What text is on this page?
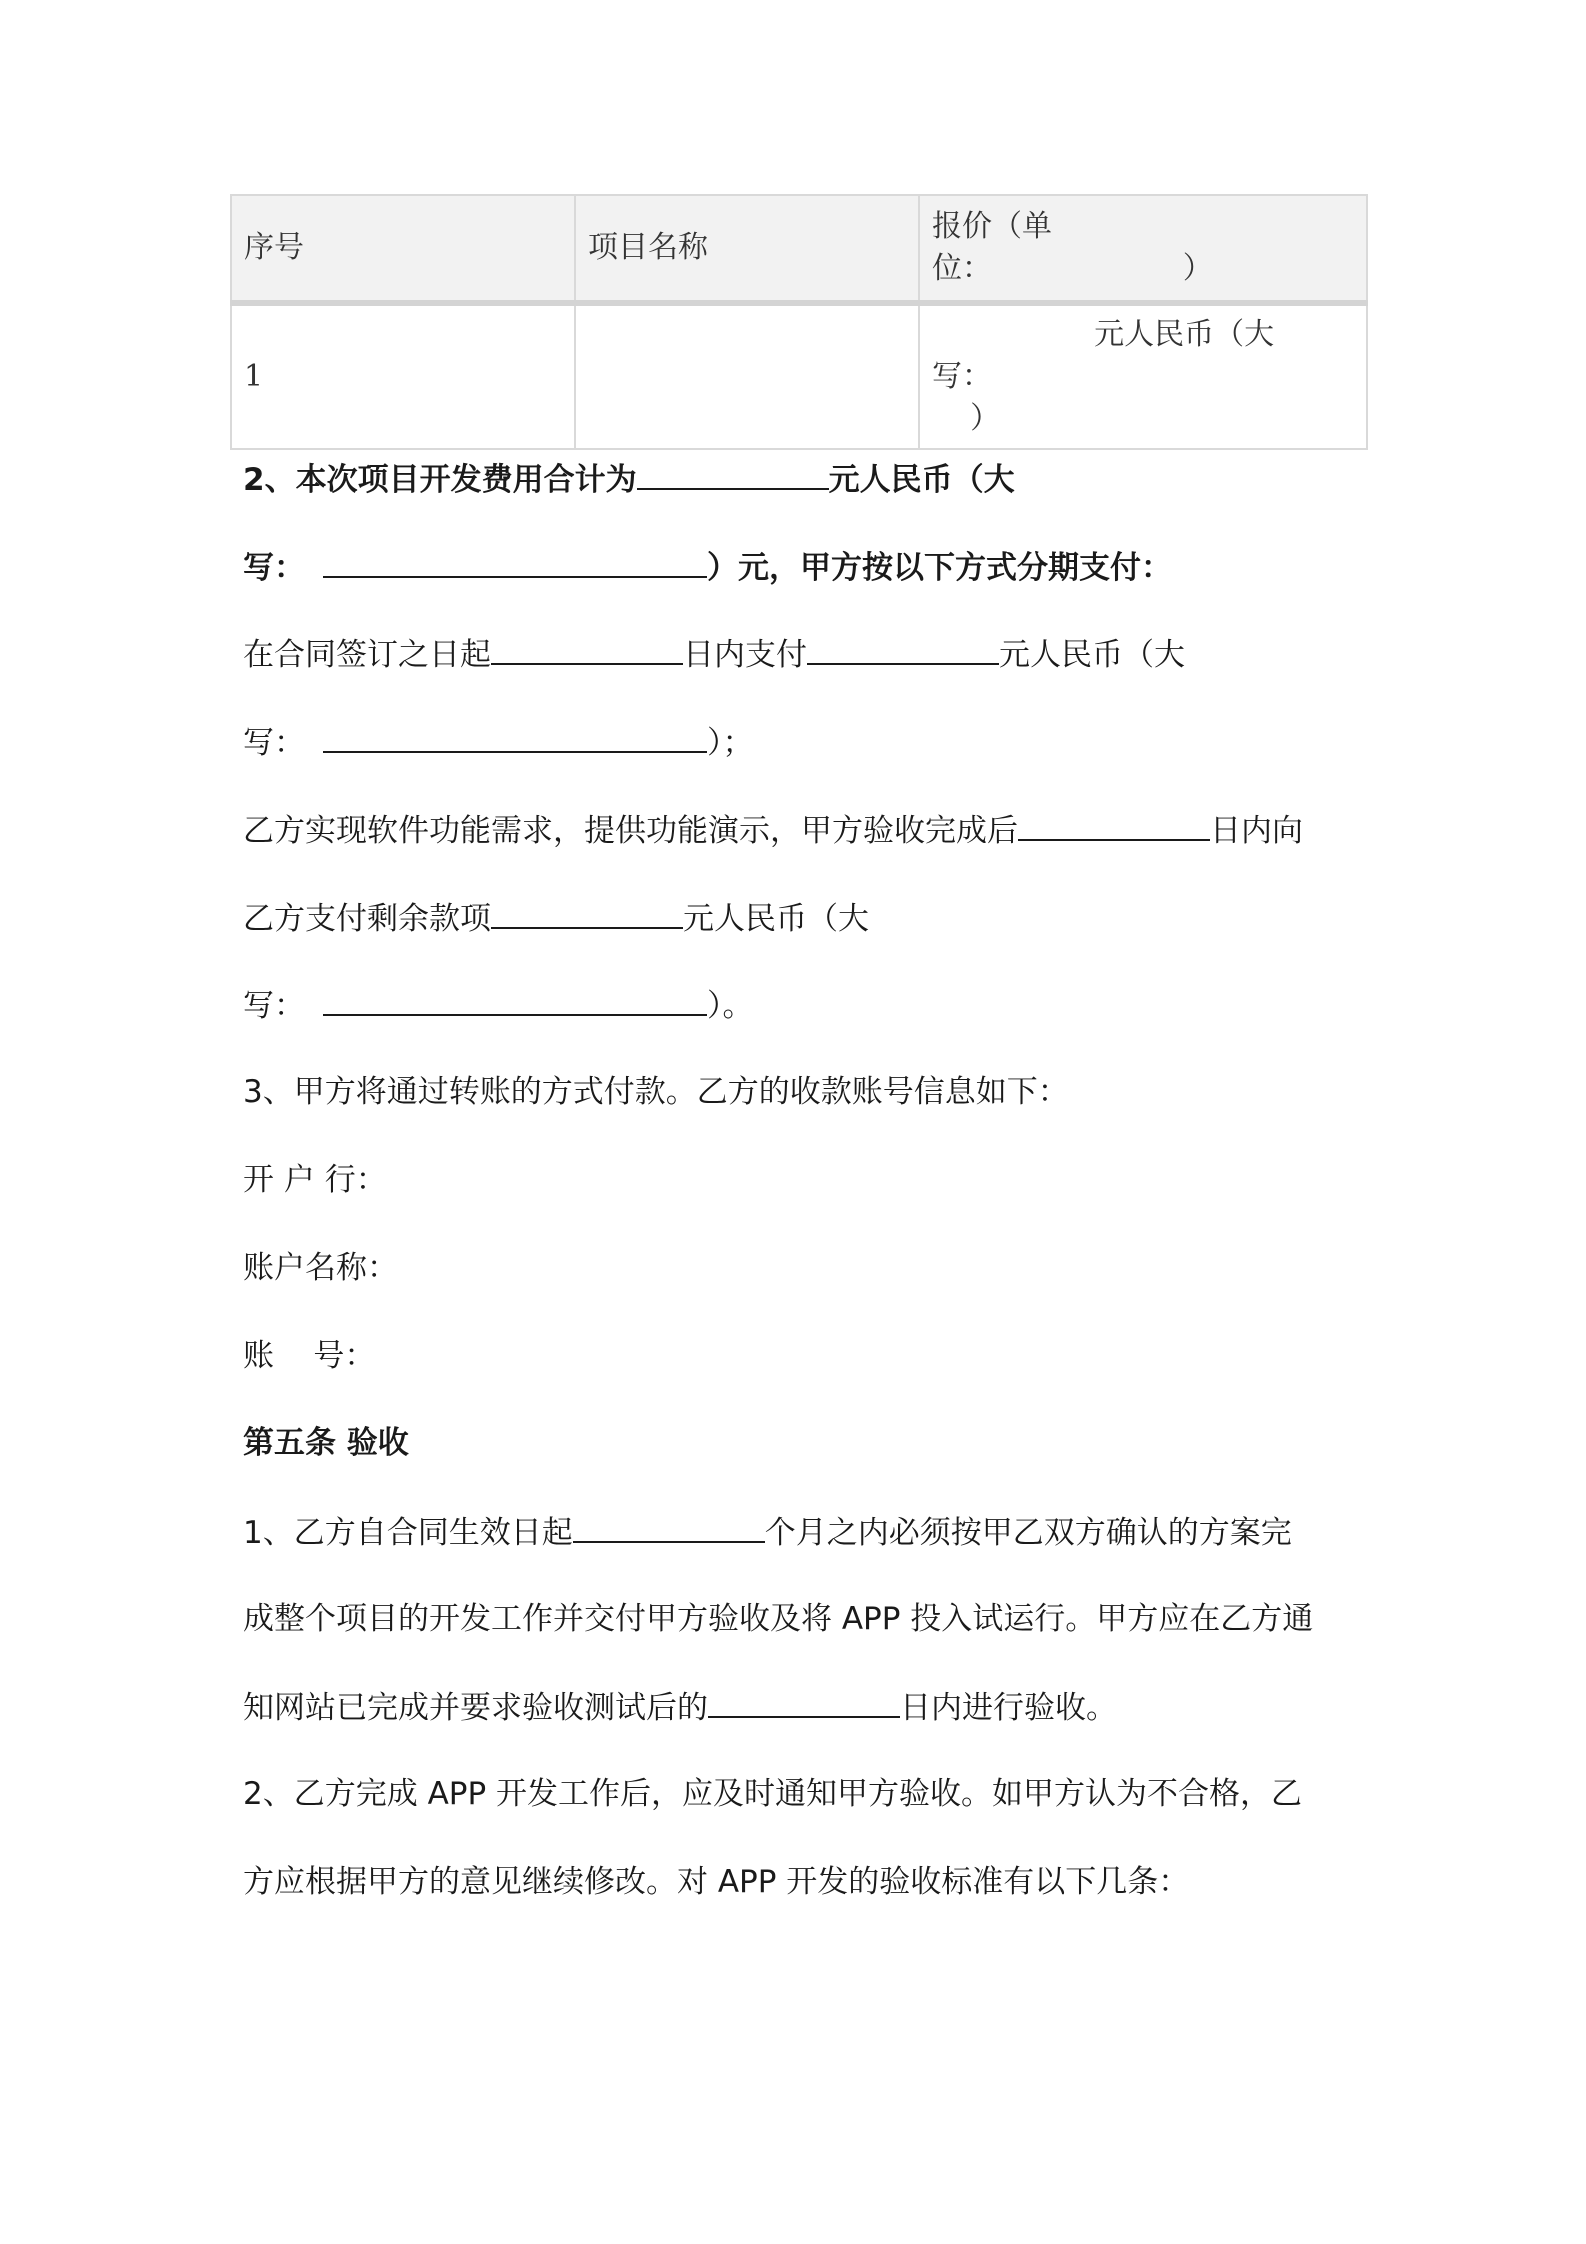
序号	项目名称	报价（单
位：                    ）

1		元人民币（大
写：
）
2、本次项目开发费用合计为	元人民币（大
写：	）元，甲方按以下方式分期支付：
在合同签订之日起	日内支付	元人民币（大
写：	）；
乙方实现软件功能需求，提供功能演示，甲方验收完成后	日内向
乙方支付剩余款项	元人民币（大
写：	）。
3、甲方将通过转账的方式付款。乙方的收款账号信息如下：
开 户 行：
账户名称：
账    号：
第五条 验收
1、乙方自合同生效日起	个月之内必须按甲乙双方确认的方案完
成整个项目的开发工作并交付甲方验收及将 APP 投入试运行。甲方应在乙方通
知网站已完成并要求验收测试后的	日内进行验收。
2、乙方完成 APP 开发工作后，应及时通知甲方验收。如甲方认为不合格，乙
方应根据甲方的意见继续修改。对 APP 开发的验收标准有以下几条：
